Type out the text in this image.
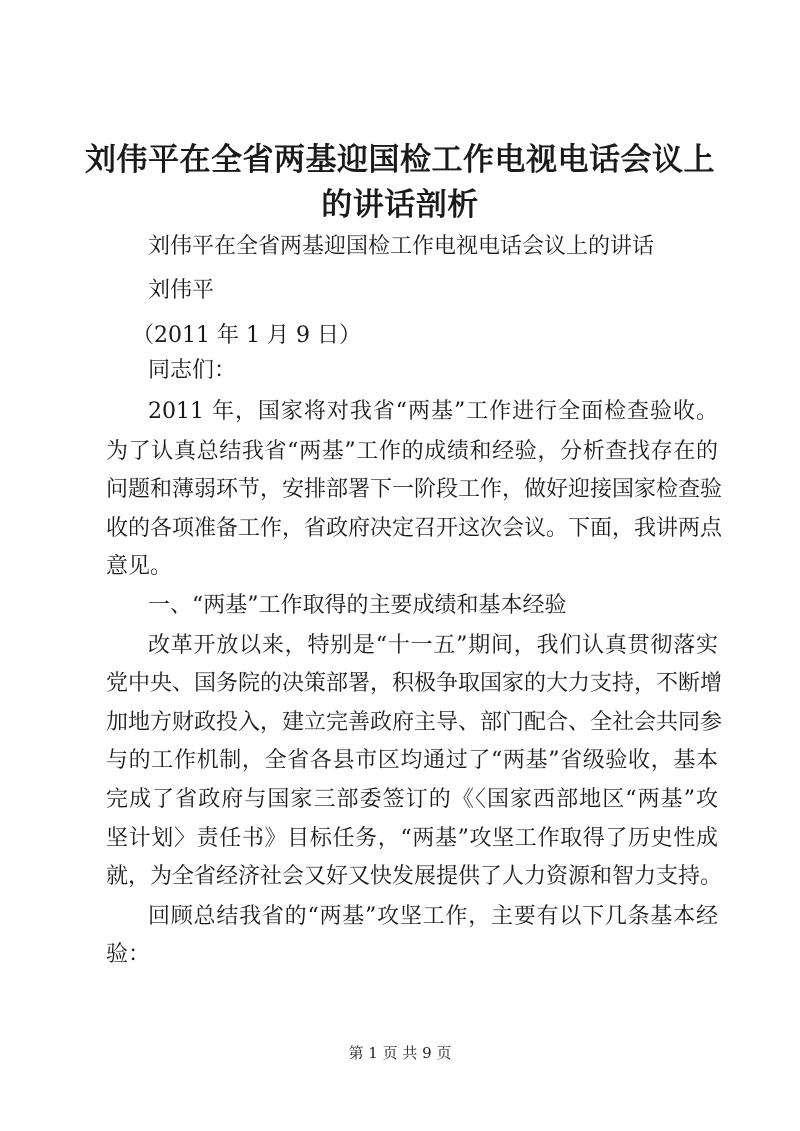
刘伟平在全省两基迎国检工作电视电话会议上
的讲话剖析
刘伟平在全省两基迎国检工作电视电话会议上的讲话
刘伟平
（2011 年 1 月 9 日）
同志们：
2011 年，国家将对我省“两基”工作进行全面检查验收。
为了认真总结我省“两基”工作的成绩和经验，分析查找存在的
问题和薄弱环节，安排部署下一阶段工作，做好迎接国家检查验
收的各项准备工作，省政府决定召开这次会议。下面，我讲两点
意见。
一、“两基”工作取得的主要成绩和基本经验
改革开放以来，特别是“十一五”期间，我们认真贯彻落实
党中央、国务院的决策部署，积极争取国家的大力支持，不断增
加地方财政投入，建立完善政府主导、部门配合、全社会共同参
与的工作机制，全省各县市区均通过了“两基”省级验收，基本
完成了省政府与国家三部委签订的《〈国家西部地区“两基”攻
坚计划〉责任书》目标任务，“两基”攻坚工作取得了历史性成
就，为全省经济社会又好又快发展提供了人力资源和智力支持。
回顾总结我省的“两基”攻坚工作，主要有以下几条基本经
验：
第 1 页 共 9 页
